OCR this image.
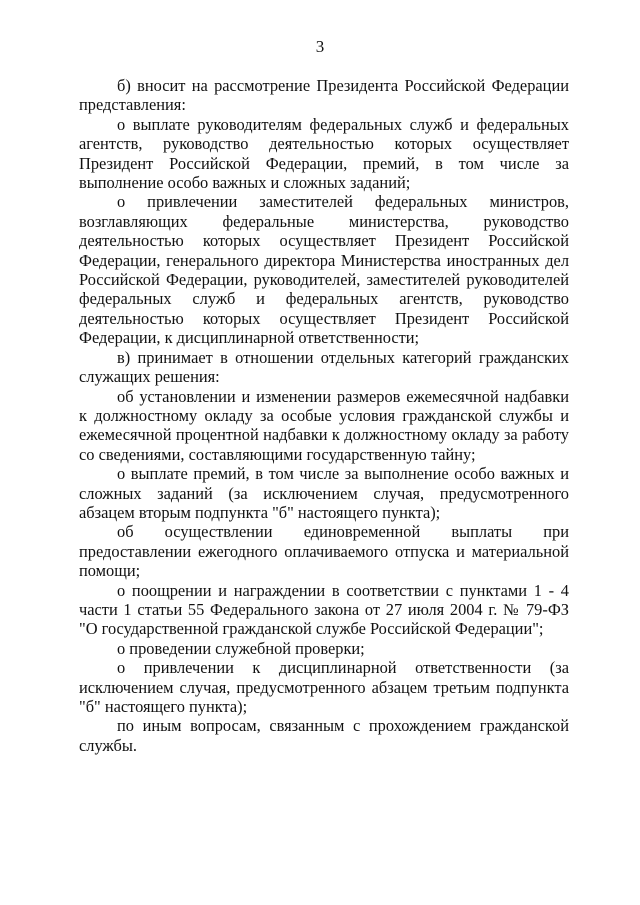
3

б) вносит на рассмотрение Президента Российской Федерации представления:

о выплате руководителям федеральных служб и федеральных агентств, руководство деятельностью которых осуществляет Президент Российской Федерации, премий, в том числе за выполнение особо важных и сложных заданий;

о привлечении заместителей федеральных министров, возглавляющих федеральные министерства, руководство деятельностью которых осуществляет Президент Российской Федерации, генерального директора Министерства иностранных дел Российской Федерации, руководителей, заместителей руководителей федеральных служб и федеральных агентств, руководство деятельностью которых осуществляет Президент Российской Федерации, к дисциплинарной ответственности;

в) принимает в отношении отдельных категорий гражданских служащих решения:

об установлении и изменении размеров ежемесячной надбавки к должностному окладу за особые условия гражданской службы и ежемесячной процентной надбавки к должностному окладу за работу со сведениями, составляющими государственную тайну;

о выплате премий, в том числе за выполнение особо важных и сложных заданий (за исключением случая, предусмотренного абзацем вторым подпункта "б" настоящего пункта);

об осуществлении единовременной выплаты при предоставлении ежегодного оплачиваемого отпуска и материальной помощи;

о поощрении и награждении в соответствии с пунктами 1 - 4 части 1 статьи 55 Федерального закона от 27 июля 2004 г. № 79-ФЗ "О государственной гражданской службе Российской Федерации";

о проведении служебной проверки;

о привлечении к дисциплинарной ответственности (за исключением случая, предусмотренного абзацем третьим подпункта "б" настоящего пункта);

по иным вопросам, связанным с прохождением гражданской службы.
